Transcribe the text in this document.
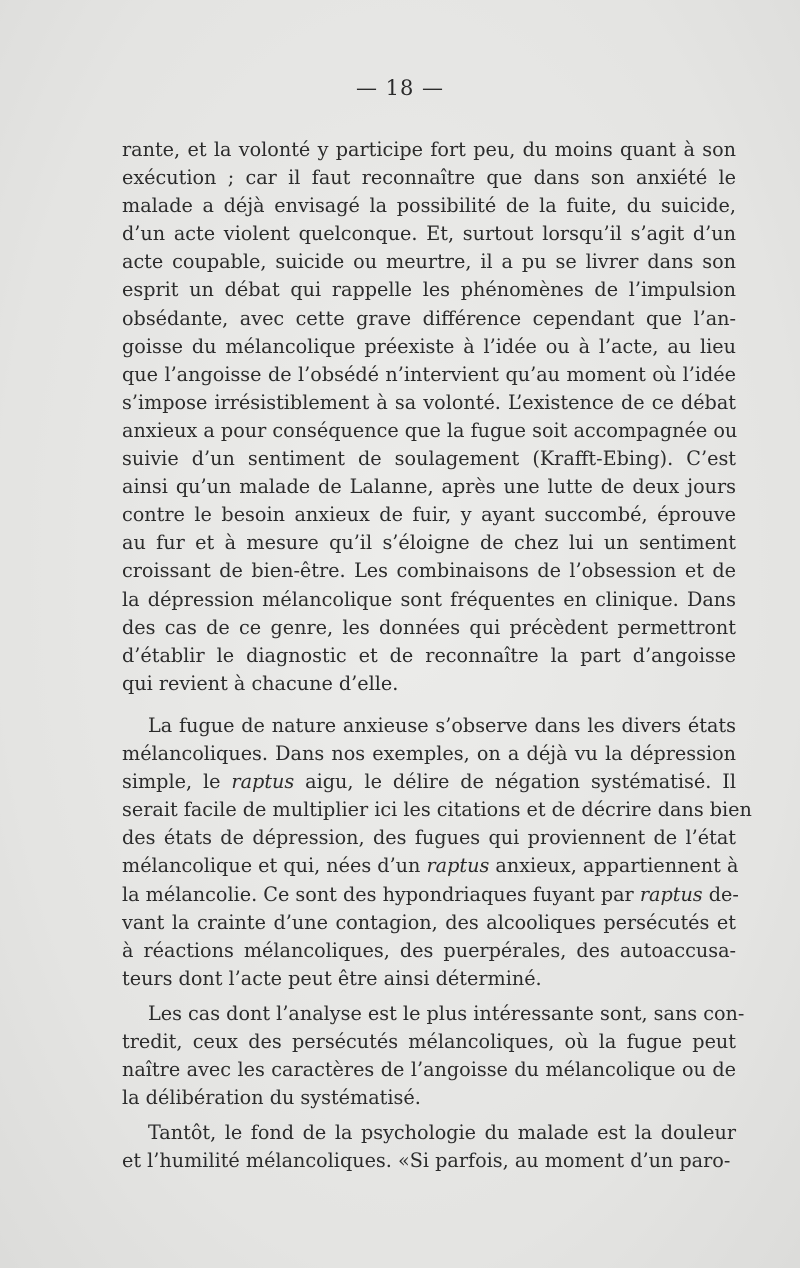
— 18 —
rante, et la volonté y participe fort peu, du moins quant à son
exécution ; car il faut reconnaître que dans son anxiété le
malade a déjà envisagé la possibilité de la fuite, du suicide,
d’un acte violent quelconque. Et, surtout lorsqu’il s’agit d’un
acte coupable, suicide ou meurtre, il a pu se livrer dans son
esprit un débat qui rappelle les phénomènes de l’impulsion
obsédante, avec cette grave différence cependant que l’an-
goisse du mélancolique préexiste à l’idée ou à l’acte, au lieu
que l’angoisse de l’obsédé n’intervient qu’au moment où l’idée
s’impose irrésistiblement à sa volonté. L’existence de ce débat
anxieux a pour conséquence que la fugue soit accompagnée ou
suivie d’un sentiment de soulagement (Krafft-Ebing). C’est
ainsi qu’un malade de Lalanne, après une lutte de deux jours
contre le besoin anxieux de fuir, y ayant succombé, éprouve
au fur et à mesure qu’il s’éloigne de chez lui un sentiment
croissant de bien-être. Les combinaisons de l’obsession et de
la dépression mélancolique sont fréquentes en clinique. Dans
des cas de ce genre, les données qui précèdent permettront
d’établir le diagnostic et de reconnaître la part d’angoisse
qui revient à chacune d’elle.
La fugue de nature anxieuse s’observe dans les divers états
mélancoliques. Dans nos exemples, on a déjà vu la dépression
simple, le raptus aigu, le délire de négation systématisé. Il
serait facile de multiplier ici les citations et de décrire dans bien
des états de dépression, des fugues qui proviennent de l’état
mélancolique et qui, nées d’un raptus anxieux, appartiennent à
la mélancolie. Ce sont des hypondriaques fuyant par raptus de-
vant la crainte d’une contagion, des alcooliques persécutés et
à réactions mélancoliques, des puerpérales, des autoaccusa-
teurs dont l’acte peut être ainsi déterminé.
Les cas dont l’analyse est le plus intéressante sont, sans con-
tredit, ceux des persécutés mélancoliques, où la fugue peut
naître avec les caractères de l’angoisse du mélancolique ou de
la délibération du systématisé.
Tantôt, le fond de la psychologie du malade est la douleur
et l’humilité mélancoliques. «Si parfois, au moment d’un paro-
